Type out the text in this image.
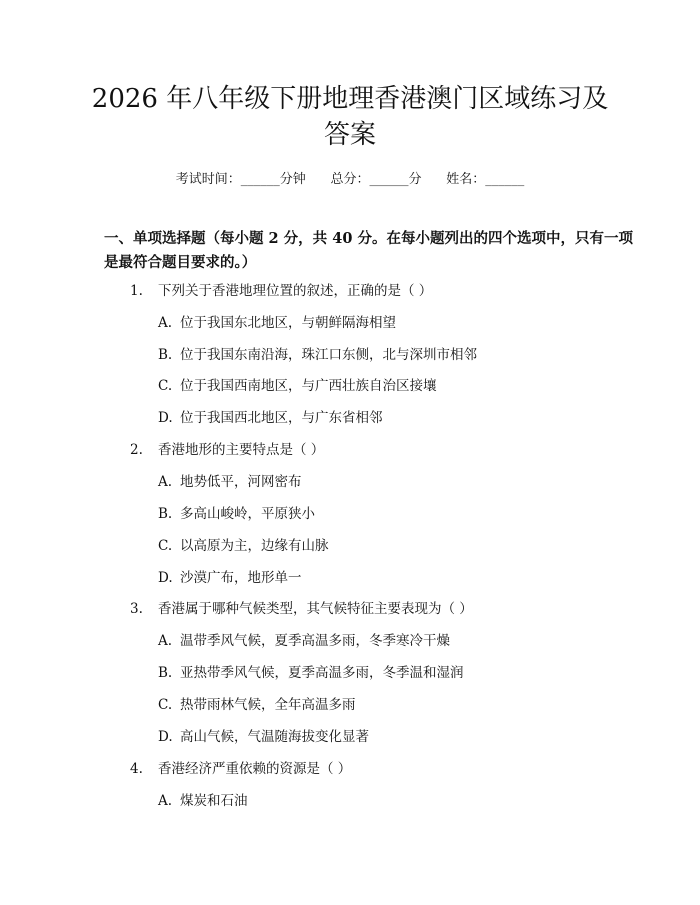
2026 年八年级下册地理香港澳门区域练习及
答案
考试时间：______分钟      总分：______分      姓名：______
一、单项选择题（每小题 2 分，共 40 分。在每小题列出的四个选项中，只有一项
是最符合题目要求的。）
1. 下列关于香港地理位置的叙述，正确的是（ ）
A. 位于我国东北地区，与朝鲜隔海相望
B. 位于我国东南沿海，珠江口东侧，北与深圳市相邻
C. 位于我国西南地区，与广西壮族自治区接壤
D. 位于我国西北地区，与广东省相邻
2. 香港地形的主要特点是（ ）
A. 地势低平，河网密布
B. 多高山峻岭，平原狭小
C. 以高原为主，边缘有山脉
D. 沙漠广布，地形单一
3. 香港属于哪种气候类型，其气候特征主要表现为（ ）
A. 温带季风气候，夏季高温多雨，冬季寒冷干燥
B. 亚热带季风气候，夏季高温多雨，冬季温和湿润
C. 热带雨林气候，全年高温多雨
D. 高山气候，气温随海拔变化显著
4. 香港经济严重依赖的资源是（ ）
A. 煤炭和石油
